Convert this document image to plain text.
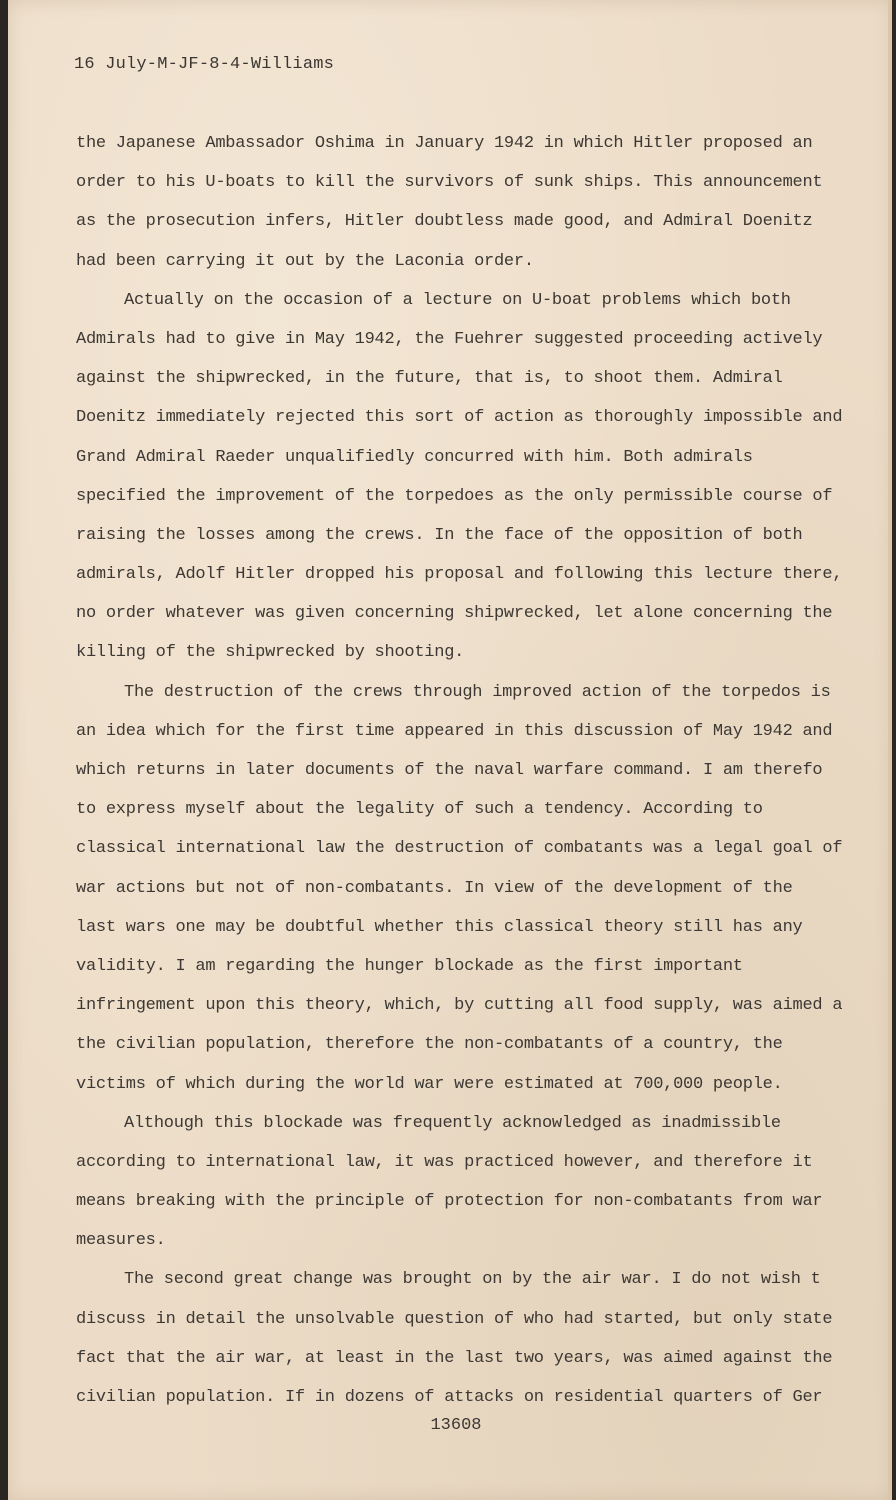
16 July-M-JF-8-4-Williams
the Japanese Ambassador Oshima in January 1942 in which Hitler proposed an
order to his U-boats to kill the survivors of sunk ships. This announcement
as the prosecution infers, Hitler doubtless made good, and Admiral Doenitz
had been carrying it out by the Laconia order.
Actually on the occasion of a lecture on U-boat problems which both
Admirals had to give in May 1942, the Fuehrer suggested proceeding actively
against the shipwrecked, in the future, that is, to shoot them. Admiral
Doenitz immediately rejected this sort of action as thoroughly impossible and
Grand Admiral Raeder unqualifiedly concurred with him. Both admirals
specified the improvement of the torpedoes as the only permissible course of
raising the losses among the crews. In the face of the opposition of both
admirals, Adolf Hitler dropped his proposal and following this lecture there,
no order whatever was given concerning shipwrecked, let alone concerning the
killing of the shipwrecked by shooting.
The destruction of the crews through improved action of the torpedos is
an idea which for the first time appeared in this discussion of May 1942 and
which returns in later documents of the naval warfare command. I am therefo
to express myself about the legality of such a tendency. According to
classical international law the destruction of combatants was a legal goal of
war actions but not of non-combatants. In view of the development of the
last wars one may be doubtful whether this classical theory still has any
validity. I am regarding the hunger blockade as the first important
infringement upon this theory, which, by cutting all food supply, was aimed a
the civilian population, therefore the non-combatants of a country, the
victims of which during the world war were estimated at 700,000 people.
Although this blockade was frequently acknowledged as inadmissible
according to international law, it was practiced however, and therefore it
means breaking with the principle of protection for non-combatants from war
measures.
The second great change was brought on by the air war. I do not wish t
discuss in detail the unsolvable question of who had started, but only state
fact that the air war, at least in the last two years, was aimed against the
civilian population. If in dozens of attacks on residential quarters of Ger
13608
